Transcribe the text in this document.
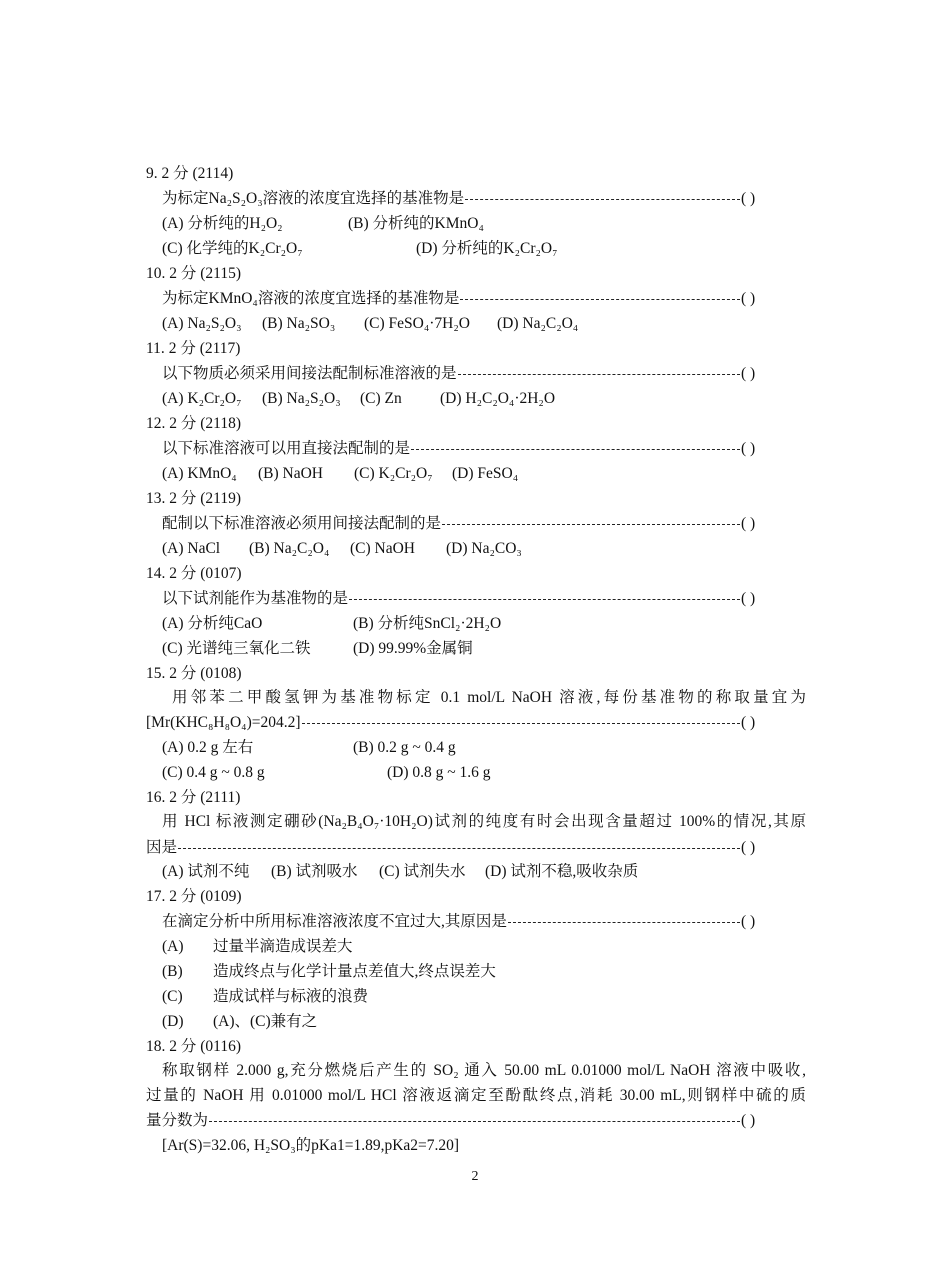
9. 2 分 (2114)
为标定Na₂S₂O₃溶液的浓度宜选择的基准物是	( )
(A) 分析纯的H₂O₂	(B) 分析纯的KMnO₄
(C) 化学纯的K₂Cr₂O₇	(D) 分析纯的K₂Cr₂O₇
10. 2 分 (2115)
为标定KMnO₄溶液的浓度宜选择的基准物是	( )
(A) Na₂S₂O₃ (B) Na₂SO₃ (C) FeSO₄·7H₂O (D) Na₂C₂O₄
11. 2 分 (2117)
以下物质必须采用间接法配制标准溶液的是	( )
(A) K₂Cr₂O₇ (B) Na₂S₂O₃ (C) Zn (D) H₂C₂O₄·2H₂O
12. 2 分 (2118)
以下标准溶液可以用直接法配制的是	( )
(A) KMnO₄ (B) NaOH (C) K₂Cr₂O₇ (D) FeSO₄
13. 2 分 (2119)
配制以下标准溶液必须用间接法配制的是	( )
(A) NaCl (B) Na₂C₂O₄ (C) NaOH (D) Na₂CO₃
14. 2 分 (0107)
以下试剂能作为基准物的是	( )
(A) 分析纯CaO	(B) 分析纯SnCl₂·2H₂O
(C) 光谱纯三氧化二铁	(D) 99.99%金属铜
15. 2 分 (0108)
用邻苯二甲酸氢钾为基准物标定 0.1 mol/L NaOH 溶液,每份基准物的称取量宜为
[Mr(KHC₈H₈O₄)=204.2]	( )
(A) 0.2 g 左右	(B) 0.2 g ~ 0.4 g
(C) 0.4 g ~ 0.8 g	(D) 0.8 g ~ 1.6 g
16. 2 分 (2111)
用 HCl 标液测定硼砂(Na₂B₄O₇·10H₂O)试剂的纯度有时会出现含量超过 100%的情况,其原
因是	( )
(A) 试剂不纯 (B) 试剂吸水 (C) 试剂失水 (D) 试剂不稳,吸收杂质
17. 2 分 (0109)
在滴定分析中所用标准溶液浓度不宜过大,其原因是	( )
(A) 过量半滴造成误差大
(B) 造成终点与化学计量点差值大,终点误差大
(C) 造成试样与标液的浪费
(D) (A)、(C)兼有之
18. 2 分 (0116)
称取钢样 2.000 g,充分燃烧后产生的 SO₂ 通入 50.00 mL 0.01000 mol/L NaOH 溶液中吸收,
过量的 NaOH 用 0.01000 mol/L HCl 溶液返滴定至酚酞终点,消耗 30.00 mL,则钢样中硫的质
量分数为	( )
[Ar(S)=32.06, H₂SO₃的pKa1=1.89,pKa2=7.20]
2
